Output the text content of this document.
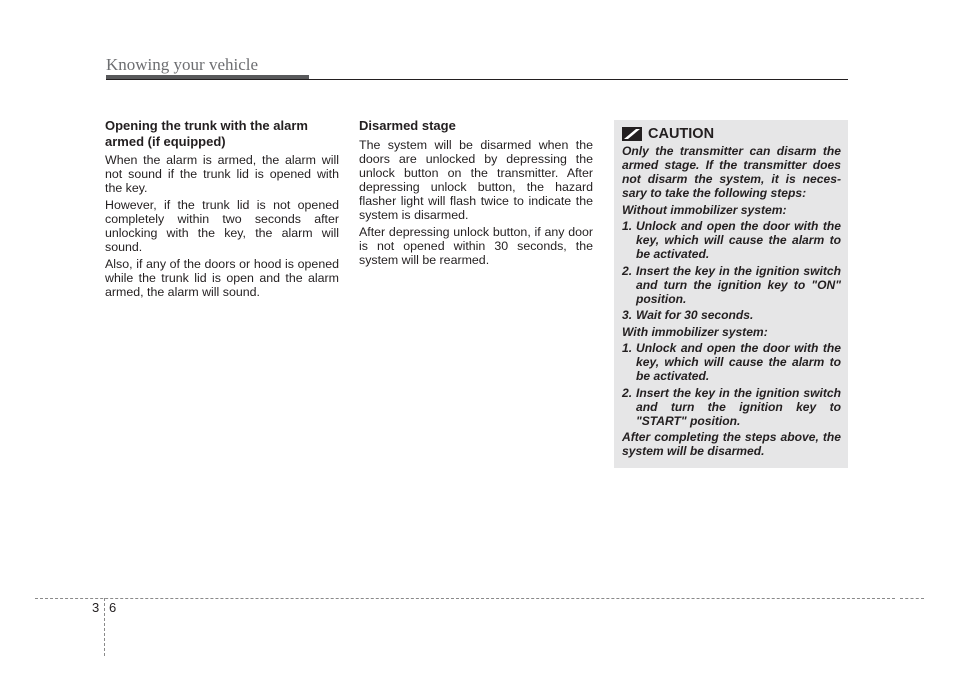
Knowing your vehicle
Opening the trunk with the alarm armed (if equipped)

When the alarm is armed, the alarm will not sound if the trunk lid is opened with the key.

However, if the trunk lid is not opened completely within two seconds after unlocking with the key, the alarm will sound.

Also, if any of the doors or hood is opened while the trunk lid is open and the alarm armed, the alarm will sound.

Disarmed stage

The system will be disarmed when the doors are unlocked by depressing the unlock button on the transmitter. After depressing unlock button, the hazard flasher light will flash twice to indicate the system is disarmed.

After depressing unlock button, if any door is not opened within 30 seconds, the system will be rearmed.

CAUTION

Only the transmitter can disarm the armed stage. If the transmitter does not disarm the system, it is neces-sary to take the following steps:

Without immobilizer system:

1. Unlock and open the door with the key, which will cause the alarm to be activated.
2. Insert the key in the ignition switch and turn the ignition key to "ON" position.
3. Wait for 30 seconds.

With immobilizer system:

1. Unlock and open the door with the key, which will cause the alarm to be activated.
2. Insert the key in the ignition switch and turn the ignition key to "START" position.

After completing the steps above, the system will be disarmed.

3 6
